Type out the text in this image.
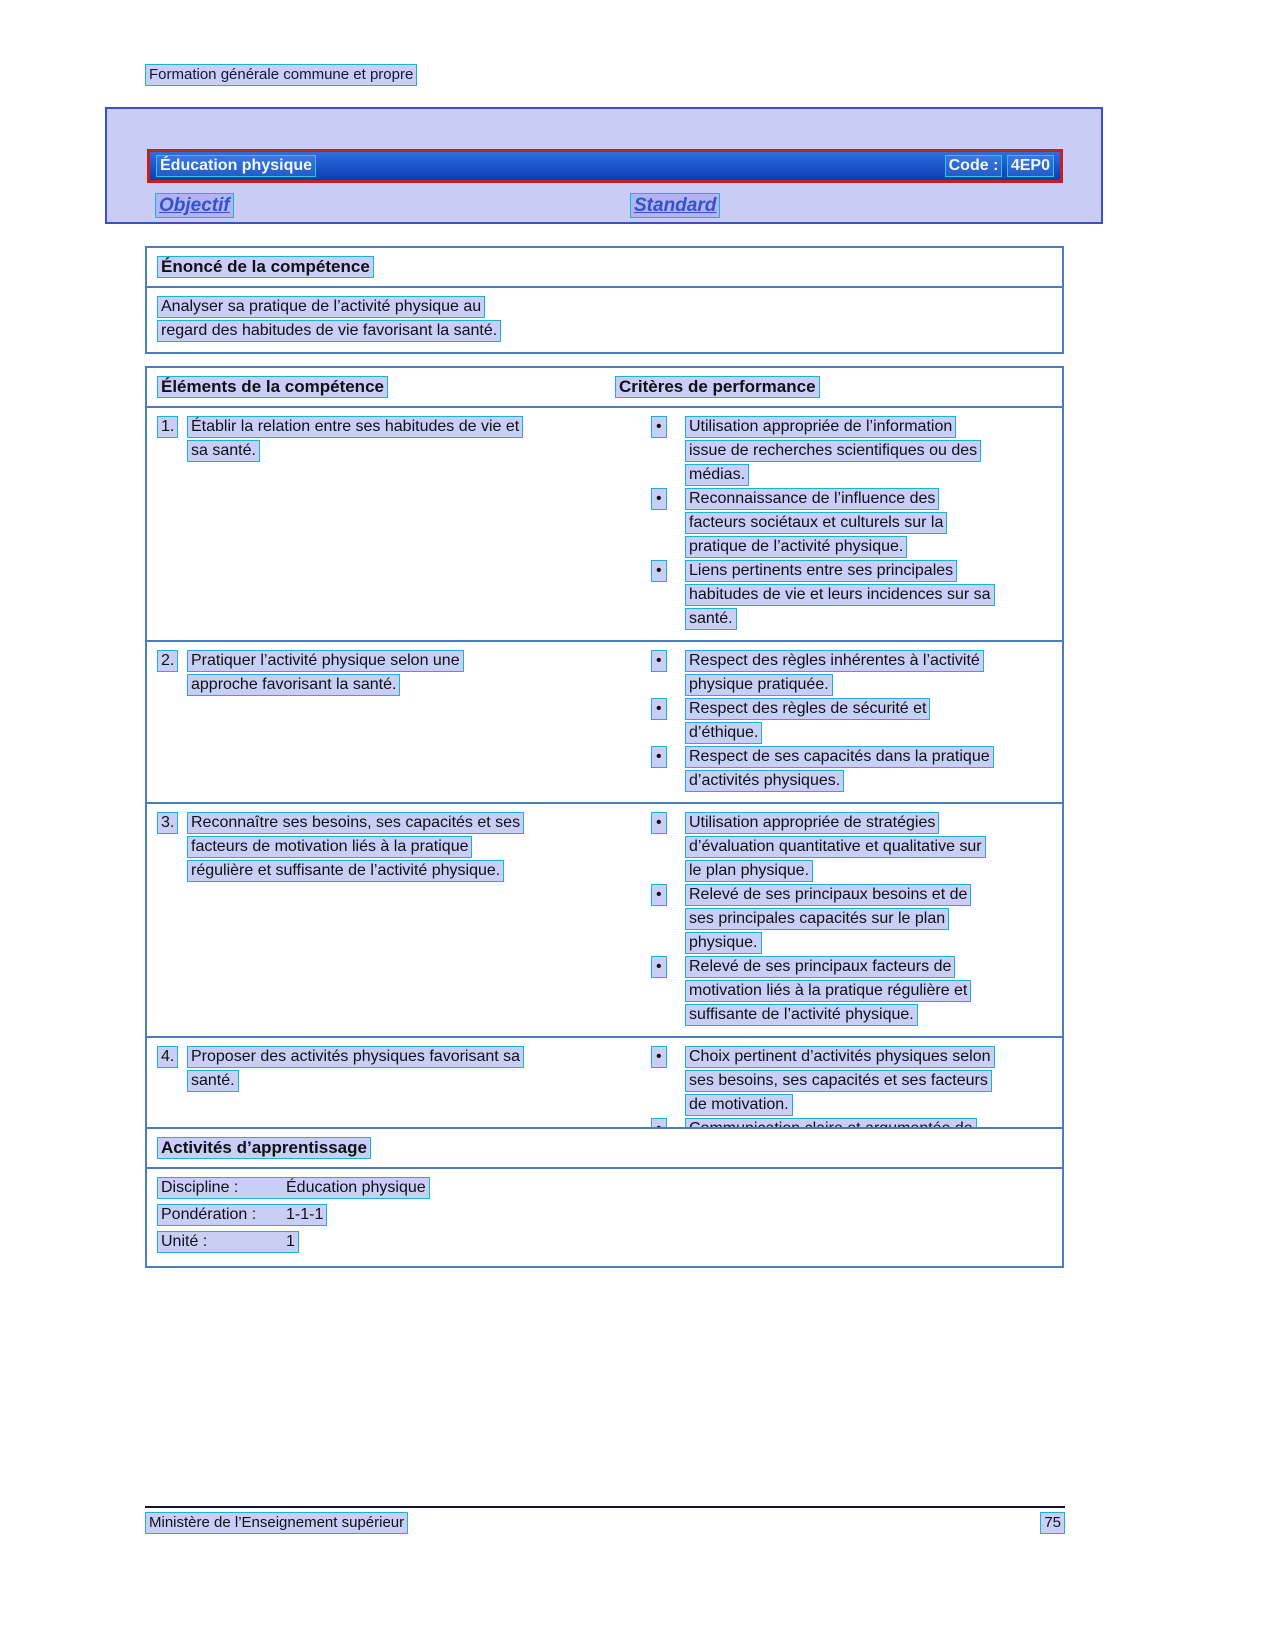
Formation générale commune et propre
Éducation physique	Code : 4EP0
Objectif	Standard
Énoncé de la compétence
Analyser sa pratique de l’activité physique au
regard des habitudes de vie favorisant la santé.
Éléments de la compétence	Critères de performance
1.	Établir la relation entre ses habitudes de vie et
sa santé.
•	Utilisation appropriée de l’information
issue de recherches scientifiques ou des
médias.
•	Reconnaissance de l’influence des
facteurs sociétaux et culturels sur la
pratique de l’activité physique.
•	Liens pertinents entre ses principales
habitudes de vie et leurs incidences sur sa
santé.
2.	Pratiquer l’activité physique selon une
approche favorisant la santé.
•	Respect des règles inhérentes à l’activité
physique pratiquée.
•	Respect des règles de sécurité et
d’éthique.
•	Respect de ses capacités dans la pratique
d’activités physiques.
3.	Reconnaître ses besoins, ses capacités et ses
facteurs de motivation liés à la pratique
régulière et suffisante de l’activité physique.
•	Utilisation appropriée de stratégies
d’évaluation quantitative et qualitative sur
le plan physique.
•	Relevé de ses principaux besoins et de
ses principales capacités sur le plan
physique.
•	Relevé de ses principaux facteurs de
motivation liés à la pratique régulière et
suffisante de l’activité physique.
4.	Proposer des activités physiques favorisant sa
santé.
•	Choix pertinent d’activités physiques selon
ses besoins, ses capacités et ses facteurs
de motivation.
Activités d’apprentissage
Discipline :	Éducation physique
Pondération : 1-1-1
Unité :	1
Ministère de l’Enseignement supérieur	75
